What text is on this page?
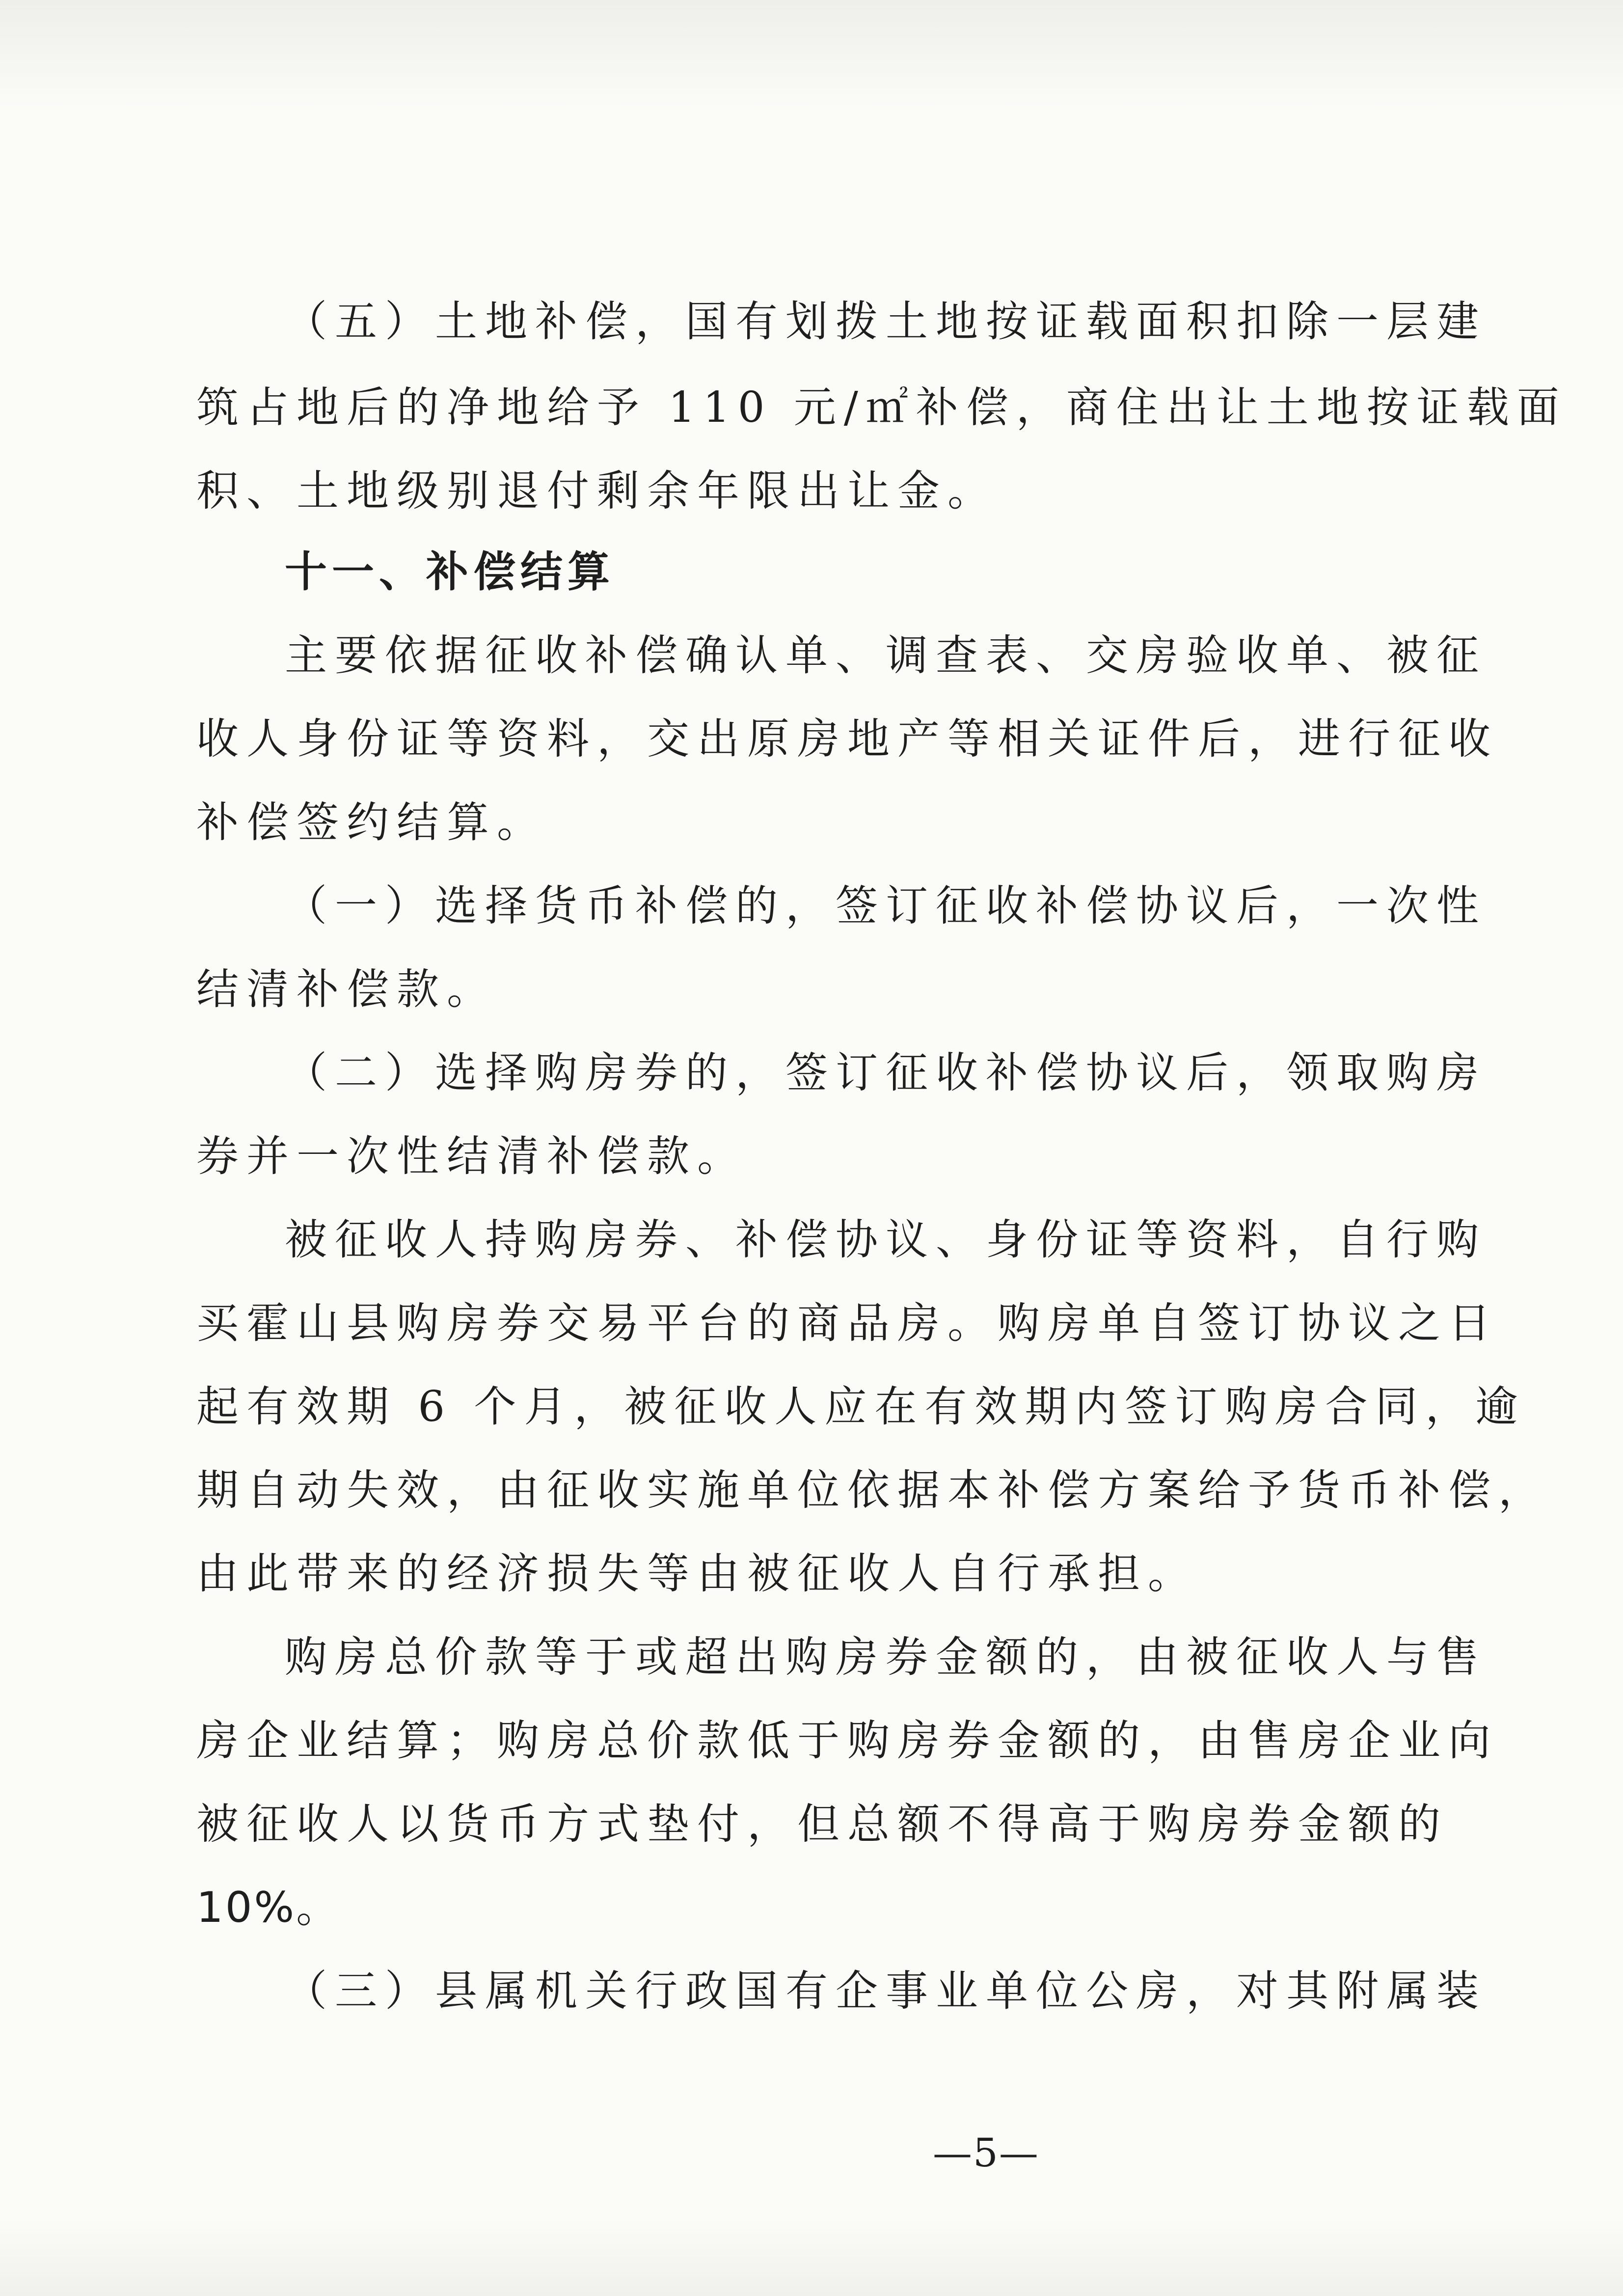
（五）土地补偿，国有划拨土地按证载面积扣除一层建
筑占地后的净地给予 110 元/㎡补偿，商住出让土地按证载面
积、土地级别退付剩余年限出让金。
十一、补偿结算
主要依据征收补偿确认单、调查表、交房验收单、被征
收人身份证等资料，交出原房地产等相关证件后，进行征收
补偿签约结算。
（一）选择货币补偿的，签订征收补偿协议后，一次性
结清补偿款。
（二）选择购房券的，签订征收补偿协议后，领取购房
券并一次性结清补偿款。
被征收人持购房券、补偿协议、身份证等资料，自行购
买霍山县购房券交易平台的商品房。购房单自签订协议之日
起有效期 6 个月，被征收人应在有效期内签订购房合同，逾
期自动失效，由征收实施单位依据本补偿方案给予货币补偿，
由此带来的经济损失等由被征收人自行承担。
购房总价款等于或超出购房券金额的，由被征收人与售
房企业结算；购房总价款低于购房券金额的，由售房企业向
被征收人以货币方式垫付，但总额不得高于购房券金额的
10%。
（三）县属机关行政国有企事业单位公房，对其附属装
—5—
